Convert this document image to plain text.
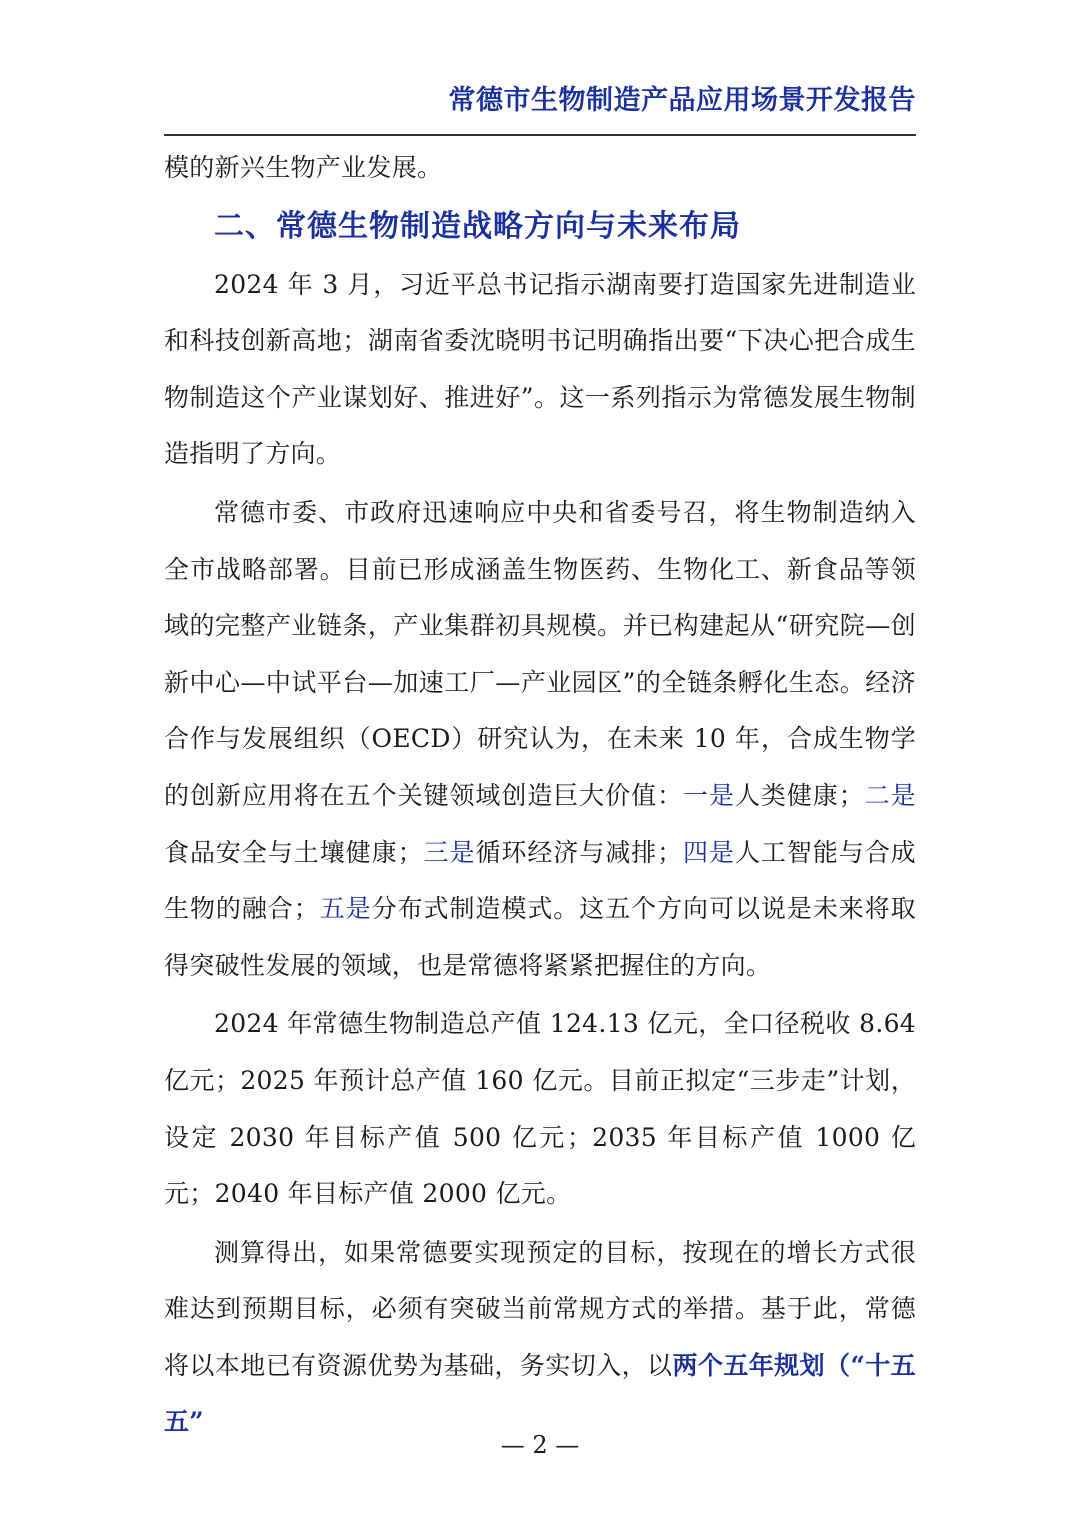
常德市生物制造产品应用场景开发报告

模的新兴生物产业发展。

二、常德生物制造战略方向与未来布局

2024 年 3 月，习近平总书记指示湖南要打造国家先进制造业和科技创新高地；湖南省委沈晓明书记明确指出要“下决心把合成生物制造这个产业谋划好、推进好”。这一系列指示为常德发展生物制造指明了方向。

常德市委、市政府迅速响应中央和省委号召，将生物制造纳入全市战略部署。目前已形成涵盖生物医药、生物化工、新食品等领域的完整产业链条，产业集群初具规模。并已构建起从“研究院—创新中心—中试平台—加速工厂—产业园区”的全链条孵化生态。经济合作与发展组织（OECD）研究认为，在未来 10 年，合成生物学的创新应用将在五个关键领域创造巨大价值：一是人类健康；二是食品安全与土壤健康；三是循环经济与减排；四是人工智能与合成生物的融合；五是分布式制造模式。这五个方向可以说是未来将取得突破性发展的领域，也是常德将紧紧把握住的方向。

2024 年常德生物制造总产值 124.13 亿元，全口径税收 8.64 亿元；2025 年预计总产值 160 亿元。目前正拟定“三步走”计划，设定 2030 年目标产值 500 亿元；2035 年目标产值 1000 亿元；2040 年目标产值 2000 亿元。

测算得出，如果常德要实现预定的目标，按现在的增长方式很难达到预期目标，必须有突破当前常规方式的举措。基于此，常德将以本地已有资源优势为基础，务实切入，以两个五年规划（“十五五”

— 2 —
